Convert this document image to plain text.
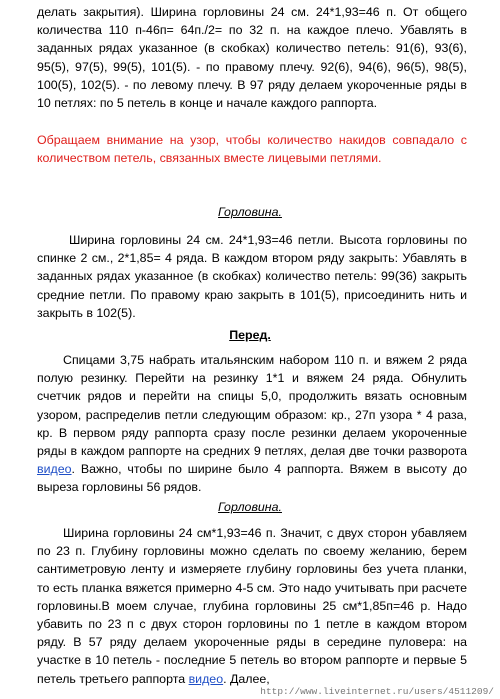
делать закрытия). Ширина горловины 24 см. 24*1,93=46 п. От общего количества 110 п-46п= 64п./2= по 32 п. на каждое плечо. Убавлять в заданных рядах указанное (в скобках) количество петель: 91(6), 93(6), 95(5), 97(5), 99(5), 101(5). - по правому плечу. 92(6), 94(6), 96(5), 98(5), 100(5), 102(5). - по левому плечу. В 97 ряду делаем укороченные ряды в 10 петлях: по 5 петель в конце и начале каждого раппорта.

Обращаем внимание на узор, чтобы количество накидов совпадало с количеством петель, связанных вместе лицевыми петлями.

Горловина.

Ширина горловины 24 см. 24*1,93=46 петли. Высота горловины по спинке 2 см., 2*1,85= 4 ряда. В каждом втором ряду закрыть: Убавлять в заданных рядах указанное (в скобках) количество петель: 99(36) закрыть средние петли. По правому краю закрыть в 101(5), присоединить нить и закрыть в 102(5).

Перед.

Спицами 3,75 набрать итальянским набором 110 п. и вяжем 2 ряда полую резинку. Перейти на резинку 1*1 и вяжем 24 ряда. Обнулить счетчик рядов и перейти на спицы 5,0, продолжить вязать основным узором, распределив петли следующим образом: кр., 27п узора * 4 раза, кр. В первом ряду раппорта сразу после резинки делаем укороченные ряды в каждом раппорте на средних 9 петлях, делая две точки разворота видео. Важно, чтобы по ширине было 4 раппорта. Вяжем в высоту до выреза горловины 56 рядов.

Горловина.

Ширина горловины 24 см*1,93=46 п. Значит, с двух сторон убавляем по 23 п. Глубину горловины можно сделать по своему желанию, берем сантиметровую ленту и измеряете глубину горловины без учета планки, то есть планка вяжется примерно 4-5 см. Это надо учитывать при расчете горловины.В моем случае, глубина горловины 25 см*1,85п=46 р. Надо убавить по 23 п с двух сторон горловины по 1 петле в каждом втором ряду. В 57 ряду делаем укороченные ряды в середине пуловера: на участке в 10 петель - последние 5 петель во втором раппорте и первые 5 петель третьего раппорта видео. Далее,

http://www.liveinternet.ru/users/4511209/
